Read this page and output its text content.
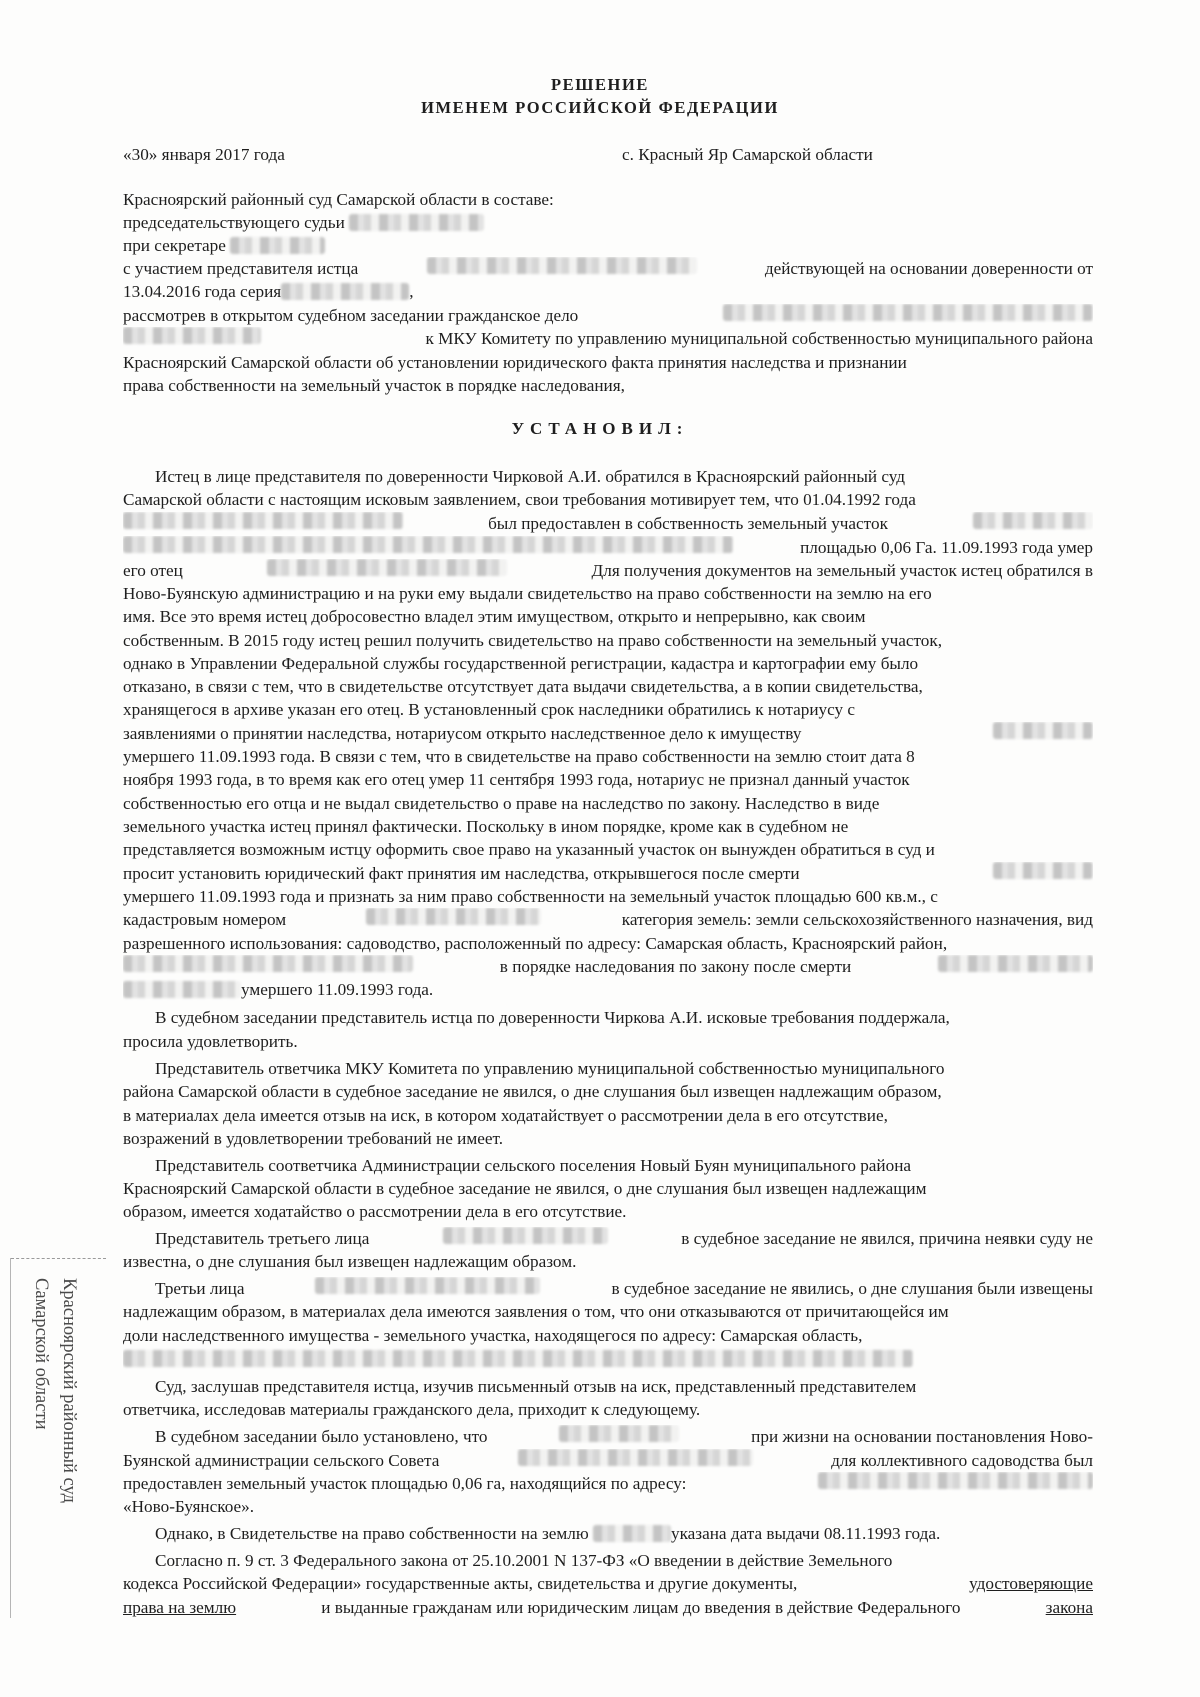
РЕШЕНИЕ
ИМЕНЕМ РОССИЙСКОЙ ФЕДЕРАЦИИ
«30» января 2017 года	с. Красный Яр Самарской области
Красноярский районный суд Самарской области в составе:
председательствующего судьи
при секретаре
с участием представителя истца	действующей на основании доверенности от
13.04.2016 года серия	,
рассмотрев в открытом судебном заседании гражданское дело
к МКУ Комитету по управлению муниципальной собственностью муниципального района
Красноярский Самарской области об установлении юридического факта принятия наследства и признании
права собственности на земельный участок в порядке наследования,
УСТАНОВИЛ:
Истец в лице представителя по доверенности Чирковой А.И. обратился в Красноярский районный суд
Самарской области с настоящим исковым заявлением, свои требования мотивирует тем, что 01.04.1992 года
был предоставлен в собственность земельный участок
площадью 0,06 Га. 11.09.1993 года умер
его отец	Для получения документов на земельный участок истец обратился в
Ново-Буянскую администрацию и на руки ему выдали свидетельство на право собственности на землю на его
имя. Все это время истец добросовестно владел этим имуществом, открыто и непрерывно, как своим
собственным. В 2015 году истец решил получить свидетельство на право собственности на земельный участок,
однако в Управлении Федеральной службы государственной регистрации, кадастра и картографии ему было
отказано, в связи с тем, что в свидетельстве отсутствует дата выдачи свидетельства, а в копии свидетельства,
хранящегося в архиве указан его отец. В установленный срок наследники обратились к нотариусу с
заявлениями о принятии наследства, нотариусом открыто наследственное дело к имуществу
умершего 11.09.1993 года. В связи с тем, что в свидетельстве на право собственности на землю стоит дата 8
ноября 1993 года, в то время как его отец умер 11 сентября 1993 года, нотариус не признал данный участок
собственностью его отца и не выдал свидетельство о праве на наследство по закону. Наследство в виде
земельного участка истец принял фактически. Поскольку в ином порядке, кроме как в судебном не
представляется возможным истцу оформить свое право на указанный участок он вынужден обратиться в суд и
просит установить юридический факт принятия им наследства, открывшегося после смерти
умершего 11.09.1993 года и признать за ним право собственности на земельный участок площадью 600 кв.м., с
кадастровым номером	категория земель: земли сельскохозяйственного назначения, вид
разрешенного использования: садоводство, расположенный по адресу: Самарская область, Красноярский район,
в порядке наследования по закону после смерти
умершего 11.09.1993 года.
В судебном заседании представитель истца по доверенности Чиркова А.И. исковые требования поддержала,
просила удовлетворить.
Представитель ответчика МКУ Комитета по управлению муниципальной собственностью муниципального
района Самарской области в судебное заседание не явился, о дне слушания был извещен надлежащим образом,
в материалах дела имеется отзыв на иск, в котором ходатайствует о рассмотрении дела в его отсутствие,
возражений в удовлетворении требований не имеет.
Представитель соответчика Администрации сельского поселения Новый Буян муниципального района
Красноярский Самарской области в судебное заседание не явился, о дне слушания был извещен надлежащим
образом, имеется ходатайство о рассмотрении дела в его отсутствие.
Представитель третьего лица	в судебное заседание не явился, причина неявки суду не
известна, о дне слушания был извещен надлежащим образом.
Третьи лица	в судебное заседание не явились, о дне слушания были извещены
надлежащим образом, в материалах дела имеются заявления о том, что они отказываются от причитающейся им
доли наследственного имущества - земельного участка, находящегося по адресу: Самарская область,
Суд, заслушав представителя истца, изучив письменный отзыв на иск, представленный представителем
ответчика, исследовав материалы гражданского дела, приходит к следующему.
В судебном заседании было установлено, что	при жизни на основании постановления Ново-
Буянской администрации сельского Совета	для коллективного садоводства был
предоставлен земельный участок площадью 0,06 га, находящийся по адресу:
«Ново-Буянское».
Однако, в Свидетельстве на право собственности на землю	указана дата выдачи 08.11.1993 года.
Согласно п. 9 ст. 3 Федерального закона от 25.10.2001 N 137-ФЗ «О введении в действие Земельного
кодекса Российской Федерации» государственные акты, свидетельства и другие документы,	удостоверяющие
права на землю	и выданные гражданам или юридическим лицам до введения в действие Федерального	закона
Красноярский районный суд
Самарской области
